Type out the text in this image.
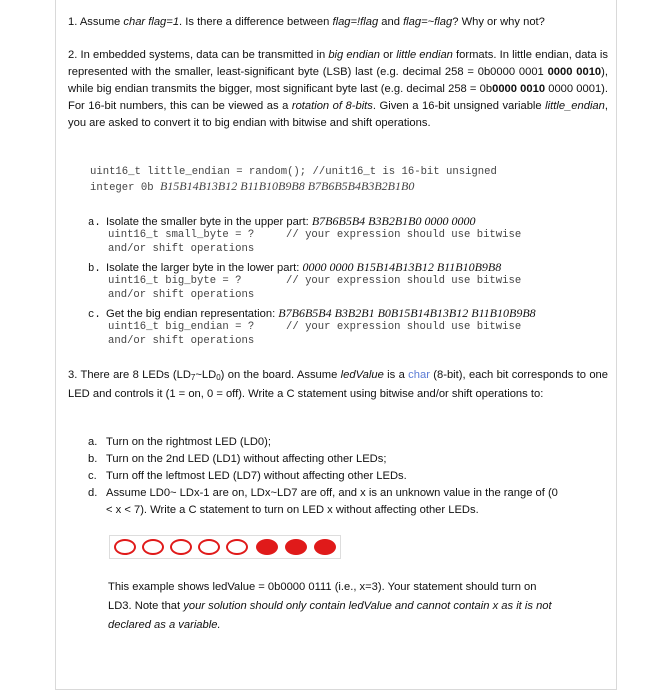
1. Assume char flag=1. Is there a difference between flag=!flag and flag=~flag? Why or why not?
2. In embedded systems, data can be transmitted in big endian or little endian formats. In little endian, data is represented with the smaller, least-significant byte (LSB) last (e.g. decimal 258 = 0b0000 0001 0000 0010), while big endian transmits the bigger, most significant byte last (e.g. decimal 258 = 0b0000 0010 0000 0001). For 16-bit numbers, this can be viewed as a rotation of 8-bits. Given a 16-bit unsigned variable little_endian, you are asked to convert it to big endian with bitwise and shift operations.
uint16_t little_endian = random(); //unit16_t is 16-bit unsigned
integer 0b B15B14B13B12 B11B10B9B8 B7B6B5B4B3B2B1B0
a. Isolate the smaller byte in the upper part: B7B6B5B4 B3B2B1B0 0000 0000
uint16_t small_byte = ?     // your expression should use bitwise
and/or shift operations
b. Isolate the larger byte in the lower part: 0000 0000 B15B14B13B12 B11B10B9B8
uint16_t big_byte = ?       // your expression should use bitwise
and/or shift operations
c. Get the big endian representation: B7B6B5B4 B3B2B1 B0B15B14B13B12 B11B10B9B8
uint16_t big_endian = ?     // your expression should use bitwise
and/or shift operations
3. There are 8 LEDs $(LD_7\sim LD_0)$ on the board. Assume ledValue is a char (8-bit), each bit corresponds to one LED and controls it (1 = on, 0 = off). Write a C statement using bitwise and/or shift operations to:
a. Turn on the rightmost LED (LD0);
b. Turn on the 2nd LED (LD1) without affecting other LEDs;
c. Turn off the leftmost LED (LD7) without affecting other LEDs.
d. Assume LD0~ LDx-1 are on, LDx~LD7 are off, and x is an unknown value in the range of (0
< x < 7). Write a C statement to turn on LED x without affecting other LEDs.
This example shows ledValue = 0b0000 0111 (i.e., x=3). Your statement should turn on
LD3. Note that your solution should only contain ledValue and cannot contain x as it is not
declared as a variable.
